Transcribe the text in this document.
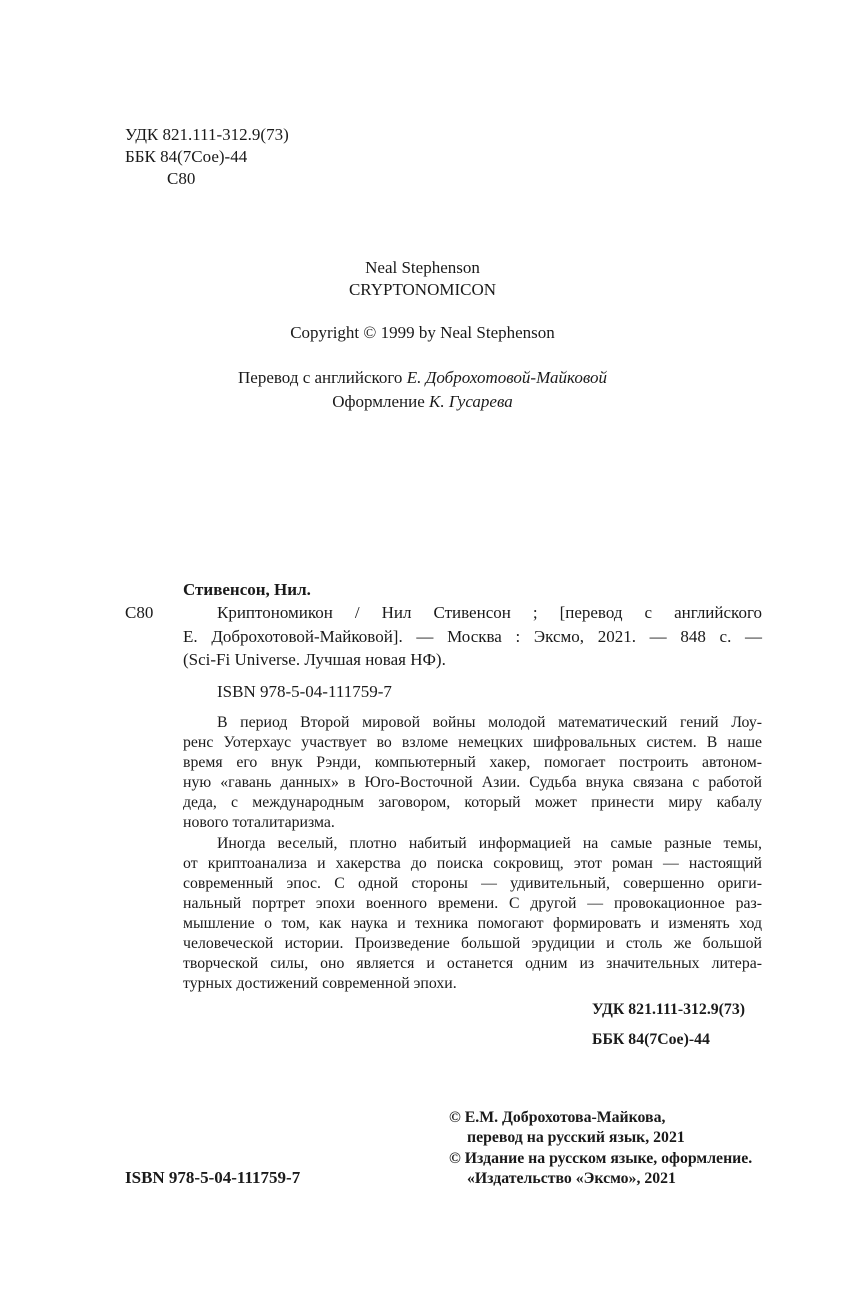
УДК 821.111-312.9(73)
ББК 84(7Сое)-44
С80
Neal Stephenson
CRYPTONOMICON
Copyright © 1999 by Neal Stephenson
Перевод с английского Е. Доброхотовой-Майковой
Оформление К. Гусарева
Стивенсон, Нил.
С80	Криптономикон / Нил Стивенсон ; [перевод с английского
Е. Доброхотовой-Майковой]. — Москва : Эксмо, 2021. — 848 с. —
(Sci-Fi Universe. Лучшая новая НФ).
ISBN 978-5-04-111759-7
В период Второй мировой войны молодой математический гений Лоу-
ренс Уотерхаус участвует во взломе немецких шифровальных систем. В наше
время его внук Рэнди, компьютерный хакер, помогает построить автоном-
ную «гавань данных» в Юго-Восточной Азии. Судьба внука связана с работой
деда, с международным заговором, который может принести миру кабалу
нового тоталитаризма.
Иногда веселый, плотно набитый информацией на самые разные темы,
от криптоанализа и хакерства до поиска сокровищ, этот роман — настоящий
современный эпос. С одной стороны — удивительный, совершенно ориги-
нальный портрет эпохи военного времени. С другой — провокационное раз-
мышление о том, как наука и техника помогают формировать и изменять ход
человеческой истории. Произведение большой эрудиции и столь же большой
творческой силы, оно является и останется одним из значительных литера-
турных достижений современной эпохи.
УДК 821.111-312.9(73)
ББК 84(7Сое)-44
© Е.М. Доброхотова-Майкова,
перевод на русский язык, 2021
© Издание на русском языке, оформление.
«Издательство «Эксмо», 2021
ISBN 978-5-04-111759-7
